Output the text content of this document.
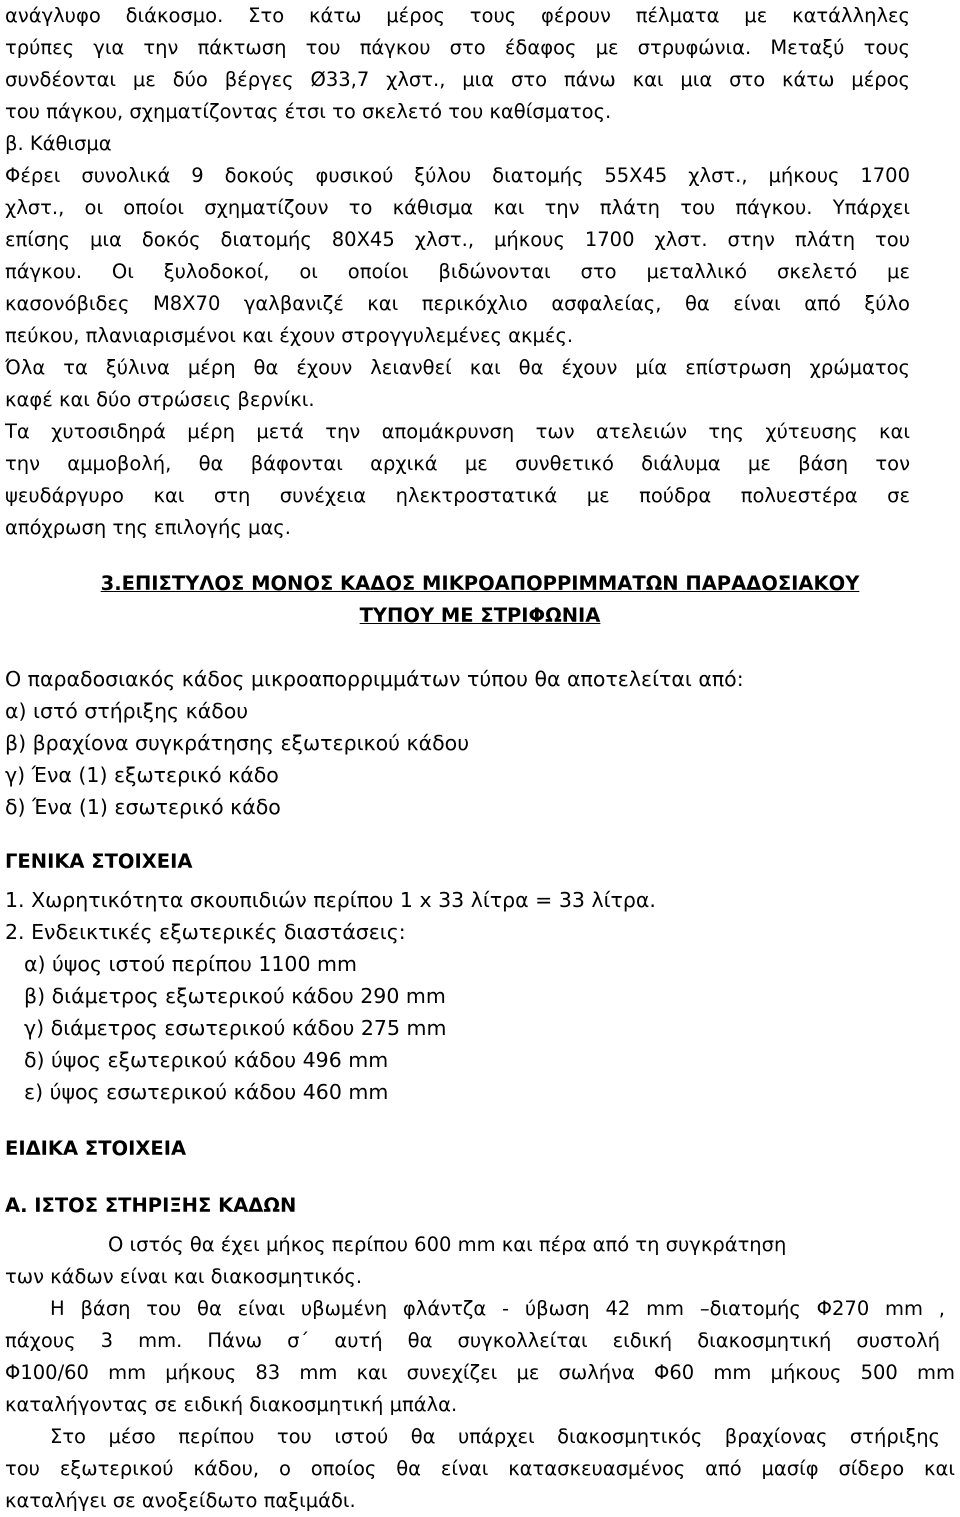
ανάγλυφο διάκοσμο. Στο κάτω μέρος τους φέρουν πέλματα με κατάλληλες
τρύπες για την πάκτωση του πάγκου στο έδαφος με στρυφώνια. Μεταξύ τους
συνδέονται με δύο βέργες Ø33,7 χλστ., μια στο πάνω και μια στο κάτω μέρος
του πάγκου, σχηματίζοντας έτσι το σκελετό του καθίσματος.
β. Κάθισμα
Φέρει συνολικά 9 δοκούς φυσικού ξύλου διατομής 55Χ45 χλστ., μήκους 1700
χλστ., οι οποίοι σχηματίζουν το κάθισμα και την πλάτη του πάγκου. Υπάρχει
επίσης μια δοκός διατομής 80Χ45 χλστ., μήκους 1700 χλστ. στην πλάτη του
πάγκου. Οι ξυλοδοκοί, οι οποίοι βιδώνονται στο μεταλλικό σκελετό με
κασονόβιδες Μ8Χ70 γαλβανιζέ και περικόχλιο ασφαλείας, θα είναι από ξύλο
πεύκου, πλανιαρισμένοι και έχουν στρογγυλεμένες ακμές.
Όλα τα ξύλινα μέρη θα έχουν λειανθεί και θα έχουν μία επίστρωση χρώματος
καφέ και δύο στρώσεις βερνίκι.
Τα χυτοσιδηρά μέρη μετά την απομάκρυνση των ατελειών της χύτευσης και
την αμμοβολή, θα βάφονται αρχικά με συνθετικό διάλυμα με βάση τον
ψευδάργυρο και στη συνέχεια ηλεκτροστατικά με πούδρα πολυεστέρα σε
απόχρωση της επιλογής μας.
3.ΕΠΙΣΤΥΛΟΣ ΜΟΝΟΣ ΚΑΔΟΣ ΜΙΚΡΟΑΠΟΡΡΙΜΜΑΤΩΝ ΠΑΡΑΔΟΣΙΑΚΟΥ
ΤΥΠΟΥ ΜΕ ΣΤΡΙΦΩΝΙΑ
Ο παραδοσιακός κάδος μικροαπορριμμάτων τύπου θα αποτελείται από:
α) ιστό στήριξης κάδου
β) βραχίονα συγκράτησης εξωτερικού κάδου
γ) Ένα (1) εξωτερικό κάδο
δ) Ένα (1) εσωτερικό κάδο
ΓΕΝΙΚΑ ΣΤΟΙΧΕΙΑ
1. Χωρητικότητα σκουπιδιών περίπου 1 x 33 λίτρα = 33 λίτρα.
2. Ενδεικτικές εξωτερικές διαστάσεις:
α) ύψος ιστού περίπου 1100 mm
β) διάμετρος εξωτερικού κάδου 290 mm
γ) διάμετρος εσωτερικού κάδου 275 mm
δ) ύψος εξωτερικού κάδου 496 mm
ε) ύψος εσωτερικού κάδου 460 mm
ΕΙΔΙΚΑ ΣΤΟΙΧΕΙΑ
Α. ΙΣΤΟΣ ΣΤΗΡΙΞΗΣ ΚΑΔΩΝ
Ο ιστός θα έχει μήκος περίπου 600 mm και πέρα από τη συγκράτηση
των κάδων είναι και διακοσμητικός.
Η βάση του θα είναι υβωμένη φλάντζα - ύβωση 42 mm –διατομής Φ270 mm ,
πάχους 3 mm. Πάνω σ΄ αυτή θα συγκολλείται ειδική διακοσμητική συστολή
Φ100/60 mm μήκους 83 mm και συνεχίζει με σωλήνα Φ60 mm μήκους 500 mm
καταλήγοντας σε ειδική διακοσμητική μπάλα.
Στο μέσο περίπου του ιστού θα υπάρχει διακοσμητικός βραχίονας στήριξης
του εξωτερικού κάδου, ο οποίος θα είναι κατασκευασμένος από μασίφ σίδερο και
καταλήγει σε ανοξείδωτο παξιμάδι.
